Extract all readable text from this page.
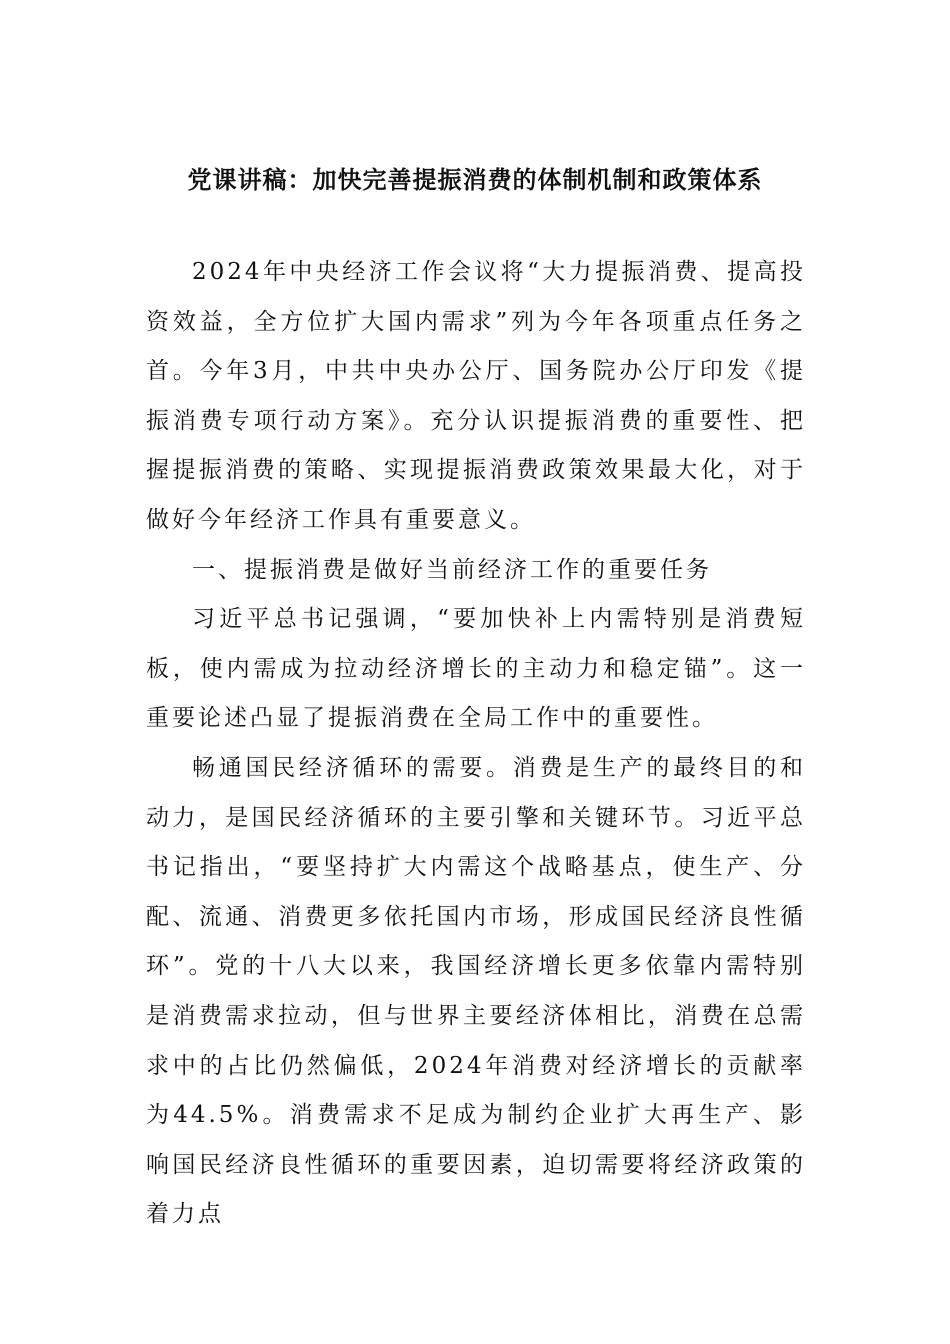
党课讲稿：加快完善提振消费的体制机制和政策体系

2024年中央经济工作会议将“大力提振消费、提高投资效益，全方位扩大国内需求”列为今年各项重点任务之首。今年3月，中共中央办公厅、国务院办公厅印发《提振消费专项行动方案》。充分认识提振消费的重要性、把握提振消费的策略、实现提振消费政策效果最大化，对于做好今年经济工作具有重要意义。

一、提振消费是做好当前经济工作的重要任务

习近平总书记强调，“要加快补上内需特别是消费短板，使内需成为拉动经济增长的主动力和稳定锚”。这一重要论述凸显了提振消费在全局工作中的重要性。

畅通国民经济循环的需要。消费是生产的最终目的和动力，是国民经济循环的主要引擎和关键环节。习近平总书记指出，“要坚持扩大内需这个战略基点，使生产、分配、流通、消费更多依托国内市场，形成国民经济良性循环”。党的十八大以来，我国经济增长更多依靠内需特别是消费需求拉动，但与世界主要经济体相比，消费在总需求中的占比仍然偏低，2024年消费对经济增长的贡献率为44.5%。消费需求不足成为制约企业扩大再生产、影响国民经济良性循环的重要因素，迫切需要将经济政策的着力点
